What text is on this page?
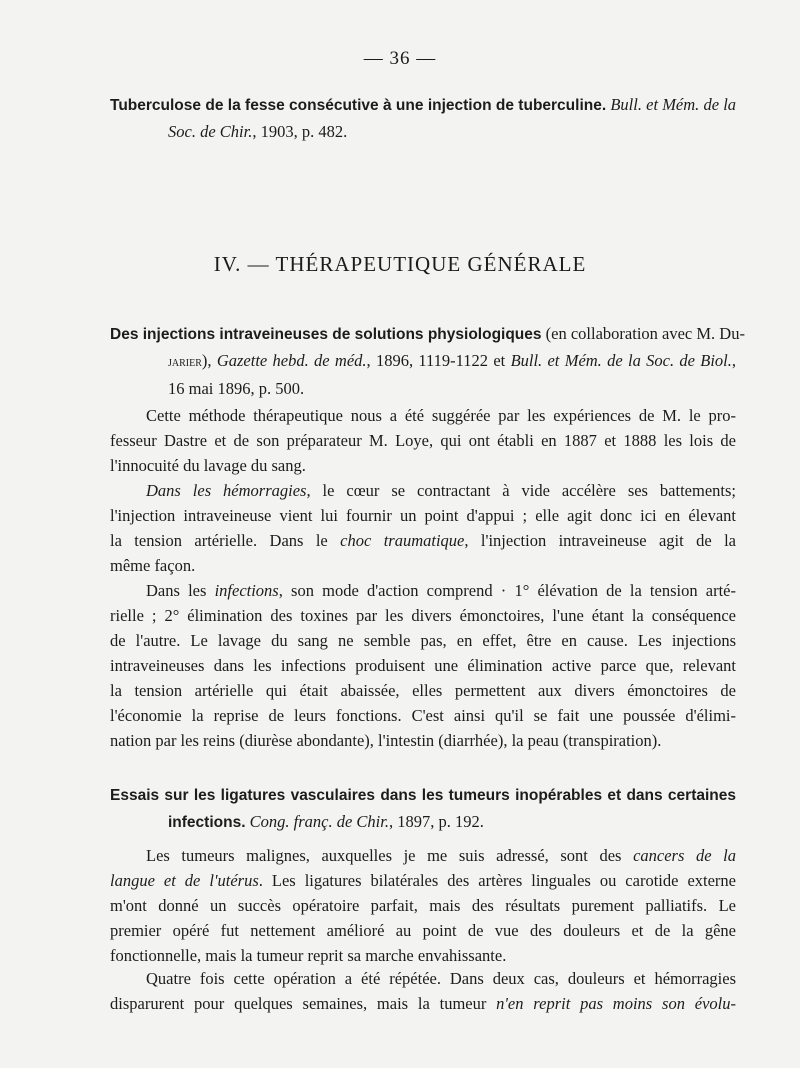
— 36 —
Tuberculose de la fesse consécutive à une injection de tuberculine. Bull. et Mém. de la
Soc. de Chir., 1903, p. 482.
IV. — THÉRAPEUTIQUE GÉNÉRALE
Des injections intraveineuses de solutions physiologiques (en collaboration avec M. Du-
jarier), Gazette hebd. de méd., 1896, 1119-1122 et Bull. et Mém. de la Soc. de Biol.,
16 mai 1896, p. 500.
Cette méthode thérapeutique nous a été suggérée par les expériences de M. le pro-
fesseur Dastre et de son préparateur M. Loye, qui ont établi en 1887 et 1888 les lois de
l'innocuité du lavage du sang.
Dans les hémorragies, le cœur se contractant à vide accélère ses battements;
l'injection intraveineuse vient lui fournir un point d'appui ; elle agit donc ici en élevant
la tension artérielle. Dans le choc traumatique, l'injection intraveineuse agit de la
même façon.
Dans les infections, son mode d'action comprend · 1° élévation de la tension arté-
rielle ; 2° élimination des toxines par les divers émonctoires, l'une étant la conséquence
de l'autre. Le lavage du sang ne semble pas, en effet, être en cause. Les injections
intraveineuses dans les infections produisent une élimination active parce que, relevant
la tension artérielle qui était abaissée, elles permettent aux divers émonctoires de
l'économie la reprise de leurs fonctions. C'est ainsi qu'il se fait une poussée d'élimi-
nation par les reins (diurèse abondante), l'intestin (diarrhée), la peau (transpiration).
Essais sur les ligatures vasculaires dans les tumeurs inopérables et dans certaines
infections. Cong. franç. de Chir., 1897, p. 192.
Les tumeurs malignes, auxquelles je me suis adressé, sont des cancers de la
langue et de l'utérus. Les ligatures bilatérales des artères linguales ou carotide externe
m'ont donné un succès opératoire parfait, mais des résultats purement palliatifs. Le
premier opéré fut nettement amélioré au point de vue des douleurs et de la gêne
fonctionnelle, mais la tumeur reprit sa marche envahissante.
Quatre fois cette opération a été répétée. Dans deux cas, douleurs et hémorragies
disparurent pour quelques semaines, mais la tumeur n'en reprit pas moins son évolu-
